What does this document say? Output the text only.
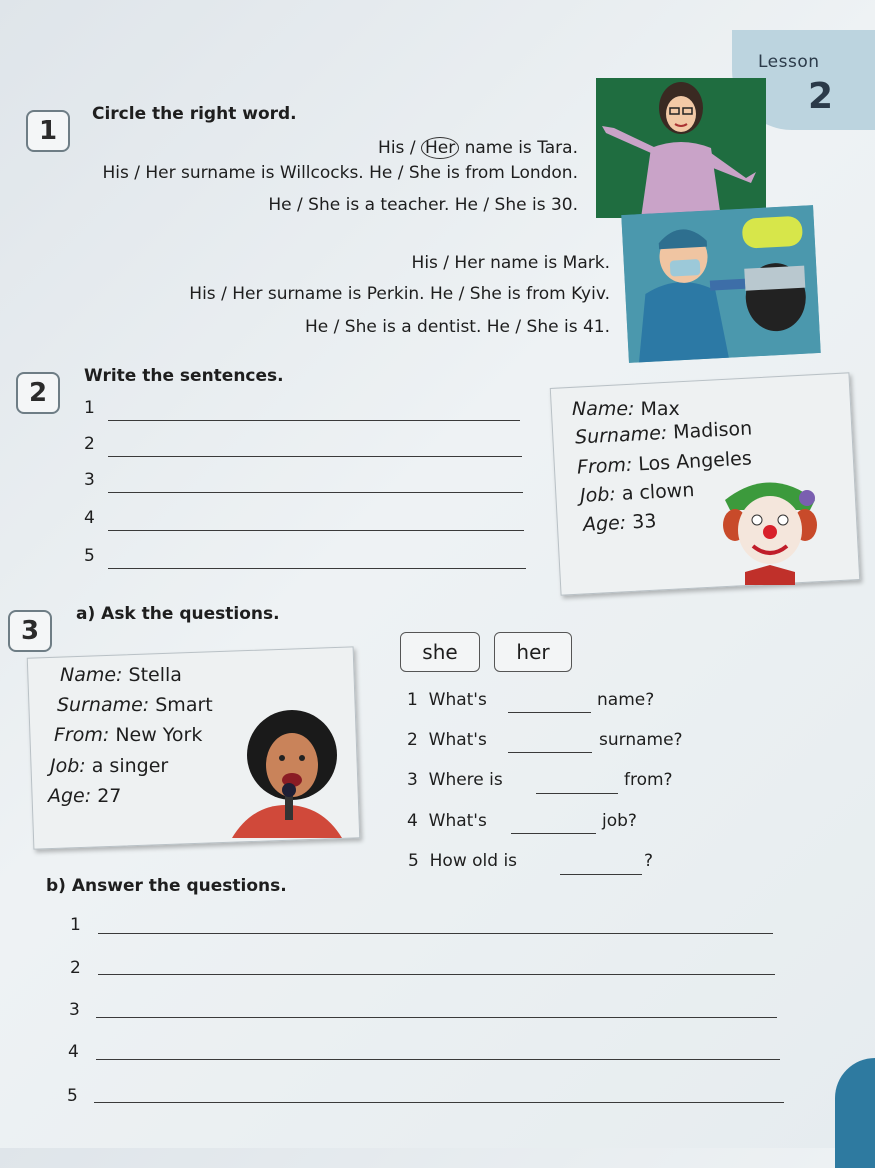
Lesson
2
1
Circle the right word.
His / Her name is Tara.
His / Her surname is Willcocks. He / She is from London.
He / She is a teacher. He / She is 30.
His / Her name is Mark.
His / Her surname is Perkin. He / She is from Kyiv.
He / She is a dentist. He / She is 41.
2
Write the sentences.
1
2
3
4
5
Name: Max
Surname: Madison
From: Los Angeles
Job: a clown
Age: 33
3
a) Ask the questions.
she	her
Name: Stella
Surname: Smart
From: New York
Job: a singer
Age: 27
1 What's	name?
2 What's	surname?
3 Where is	from?
4 What's	job?
5 How old is	?
b) Answer the questions.
1
2
3
4
5
